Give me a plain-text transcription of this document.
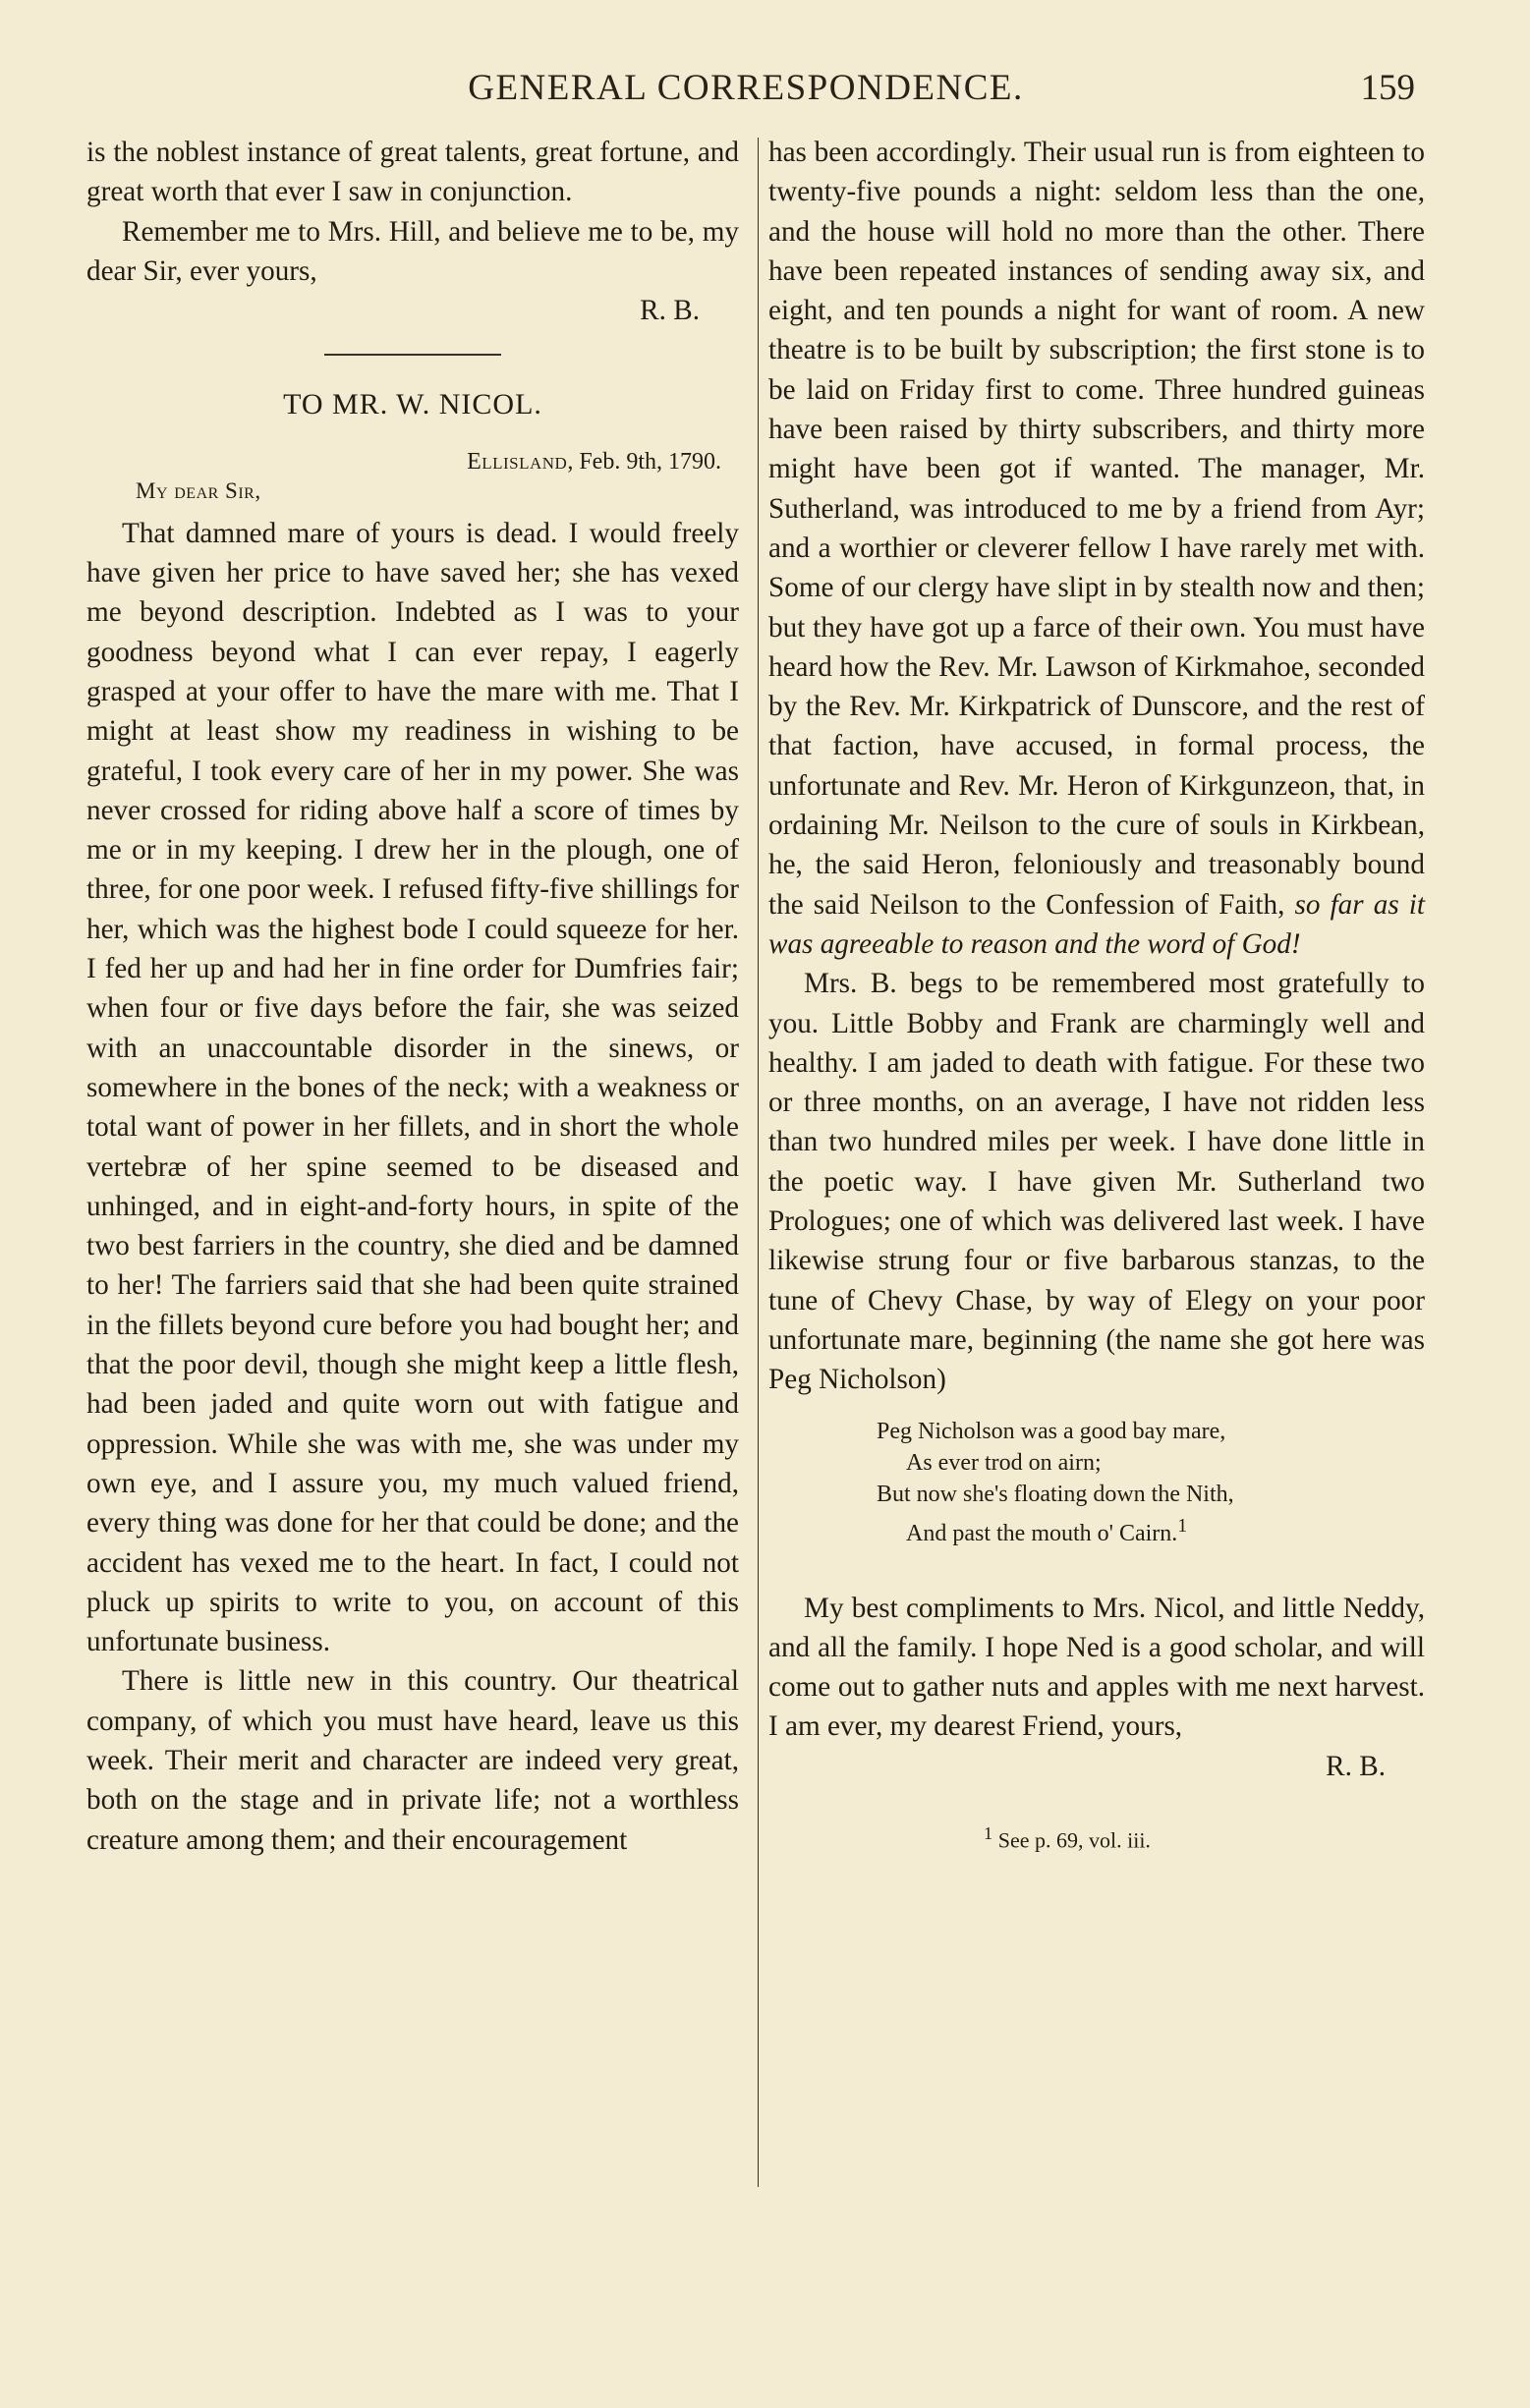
GENERAL CORRESPONDENCE.	159

is the noblest instance of great talents, great fortune, and great worth that ever I saw in conjunction.

Remember me to Mrs. Hill, and believe me to be, my dear Sir, ever yours,

R. B.

TO MR. W. NICOL.

Ellisland, Feb. 9th, 1790.

My dear Sir,

That damned mare of yours is dead. I would freely have given her price to have saved her; she has vexed me beyond description. Indebted as I was to your goodness beyond what I can ever repay, I eagerly grasped at your offer to have the mare with me. That I might at least show my readiness in wishing to be grateful, I took every care of her in my power. She was never crossed for riding above half a score of times by me or in my keeping. I drew her in the plough, one of three, for one poor week. I refused fifty-five shillings for her, which was the highest bode I could squeeze for her. I fed her up and had her in fine order for Dumfries fair; when four or five days before the fair, she was seized with an unaccountable disorder in the sinews, or somewhere in the bones of the neck; with a weakness or total want of power in her fillets, and in short the whole vertebræ of her spine seemed to be diseased and unhinged, and in eight-and-forty hours, in spite of the two best farriers in the country, she died and be damned to her! The farriers said that she had been quite strained in the fillets beyond cure before you had bought her; and that the poor devil, though she might keep a little flesh, had been jaded and quite worn out with fatigue and oppression. While she was with me, she was under my own eye, and I assure you, my much valued friend, every thing was done for her that could be done; and the accident has vexed me to the heart. In fact, I could not pluck up spirits to write to you, on account of this unfortunate business.

There is little new in this country. Our theatrical company, of which you must have heard, leave us this week. Their merit and character are indeed very great, both on the stage and in private life; not a worthless creature among them; and their encouragement

has been accordingly. Their usual run is from eighteen to twenty-five pounds a night: seldom less than the one, and the house will hold no more than the other. There have been repeated instances of sending away six, and eight, and ten pounds a night for want of room. A new theatre is to be built by subscription; the first stone is to be laid on Friday first to come. Three hundred guineas have been raised by thirty subscribers, and thirty more might have been got if wanted. The manager, Mr. Sutherland, was introduced to me by a friend from Ayr; and a worthier or cleverer fellow I have rarely met with. Some of our clergy have slipt in by stealth now and then; but they have got up a farce of their own. You must have heard how the Rev. Mr. Lawson of Kirkmahoe, seconded by the Rev. Mr. Kirkpatrick of Dunscore, and the rest of that faction, have accused, in formal process, the unfortunate and Rev. Mr. Heron of Kirkgunzeon, that, in ordaining Mr. Neilson to the cure of souls in Kirkbean, he, the said Heron, feloniously and treasonably bound the said Neilson to the Confession of Faith, so far as it was agreeable to reason and the word of God!

Mrs. B. begs to be remembered most gratefully to you. Little Bobby and Frank are charmingly well and healthy. I am jaded to death with fatigue. For these two or three months, on an average, I have not ridden less than two hundred miles per week. I have done little in the poetic way. I have given Mr. Sutherland two Prologues; one of which was delivered last week. I have likewise strung four or five barbarous stanzas, to the tune of Chevy Chase, by way of Elegy on your poor unfortunate mare, beginning (the name she got here was Peg Nicholson)

Peg Nicholson was a good bay mare,
As ever trod on airn;
But now she's floating down the Nith,
And past the mouth o' Cairn.$^1$

My best compliments to Mrs. Nicol, and little Neddy, and all the family. I hope Ned is a good scholar, and will come out to gather nuts and apples with me next harvest. I am ever, my dearest Friend, yours,

R. B.

$^1$ See p. 69, vol. iii.
